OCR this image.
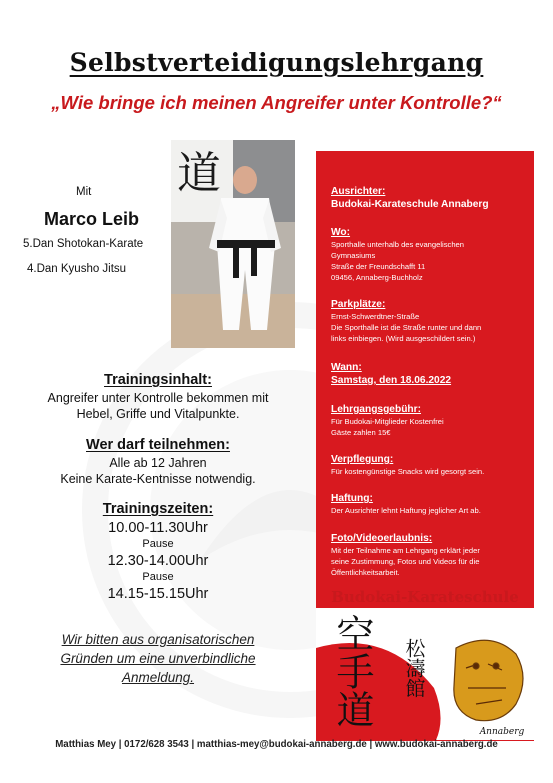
Selbstverteidigungslehrgang
„Wie bringe ich meinen Angreifer unter Kontrolle?“
道
Mit
Marco Leib
5.Dan Shotokan-Karate
4.Dan Kyusho Jitsu
Trainingsinhalt:
Angreifer unter Kontrolle bekommen mit
Hebel, Griffe und Vitalpunkte.
Wer darf teilnehmen:
Alle ab 12 Jahren
Keine Karate-Kentnisse notwendig.
Trainingszeiten:
10.00-11.30Uhr
Pause
12.30-14.00Uhr
Pause
14.15-15.15Uhr
Wir bitten aus organisatorischen
Gründen um eine unverbindliche
Anmeldung.
Ausrichter:
Budokai-Karateschule Annaberg
Wo:
Sporthalle unterhalb des evangelischen
Gymnasiums
Straße der Freundschafft 11
09456, Annaberg-Buchholz
Parkplätze:
Ernst-Schwerdtner-Straße
Die Sporthalle ist die Straße runter und dann
links einbiegen. (Wird ausgeschildert sein.)
Wann:
Samstag, den 18.06.2022
Lehrgangsgebühr:
Für Budokai-Mitglieder Kostenfrei
Gäste zahlen 15€
Verpflegung:
Für kostengünstige Snacks wird gesorgt sein.
Haftung:
Der Ausrichter lehnt Haftung jeglicher Art ab.
Foto/Videoerlaubnis:
Mit der Teilnahme am Lehrgang erklärt jeder
seine Zustimmung, Fotos und Videos für die
Öffentlichkeitsarbeit.
Budokai-Karateschule
空手道 松濤館
Annaberg
Matthias Mey | 0172/628 3543 | matthias-mey@budokai-annaberg.de | www.budokai-annaberg.de
